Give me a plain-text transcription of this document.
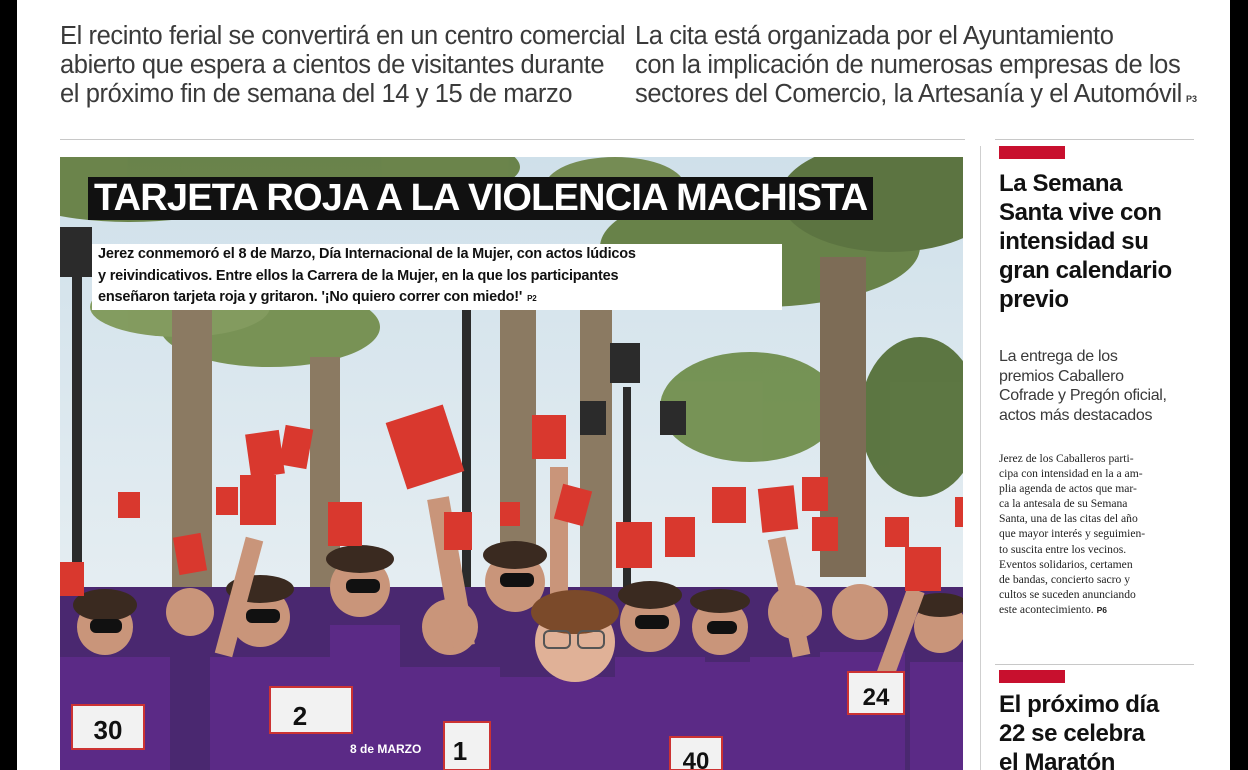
El recinto ferial se convertirá en un centro comercial
abierto que espera a cientos de visitantes durante
el próximo fin de semana del 14 y 15 de marzo
La cita está organizada por el Ayuntamiento
con la implicación de numerosas empresas de los
sectores del Comercio, la Artesanía y el Automóvil P3
30	2
1
24
40
8 de MARZO
TARJETA ROJA A LA VIOLENCIA MACHISTA
Jerez conmemoró el 8 de Marzo, Día Internacional de la Mujer, con actos lúdicos
y reivindicativos. Entre ellos la Carrera de la Mujer, en la que los participantes
enseñaron tarjeta roja y gritaron. '¡No quiero correr con miedo!' P2
La Semana
Santa vive con
intensidad su
gran calendario
previo
La entrega de los
premios Caballero
Cofrade y Pregón oficial,
actos más destacados
Jerez de los Caballeros parti-
cipa con intensidad en la a am-
plia agenda de actos que mar-
ca la antesala de su Semana
Santa, una de las citas del año
que mayor interés y seguimien-
to suscita entre los vecinos.
Eventos solidarios, certamen
de bandas, concierto sacro y
cultos se suceden anunciando
este acontecimiento. P6
El próximo día
22 se celebra
el Maratón
